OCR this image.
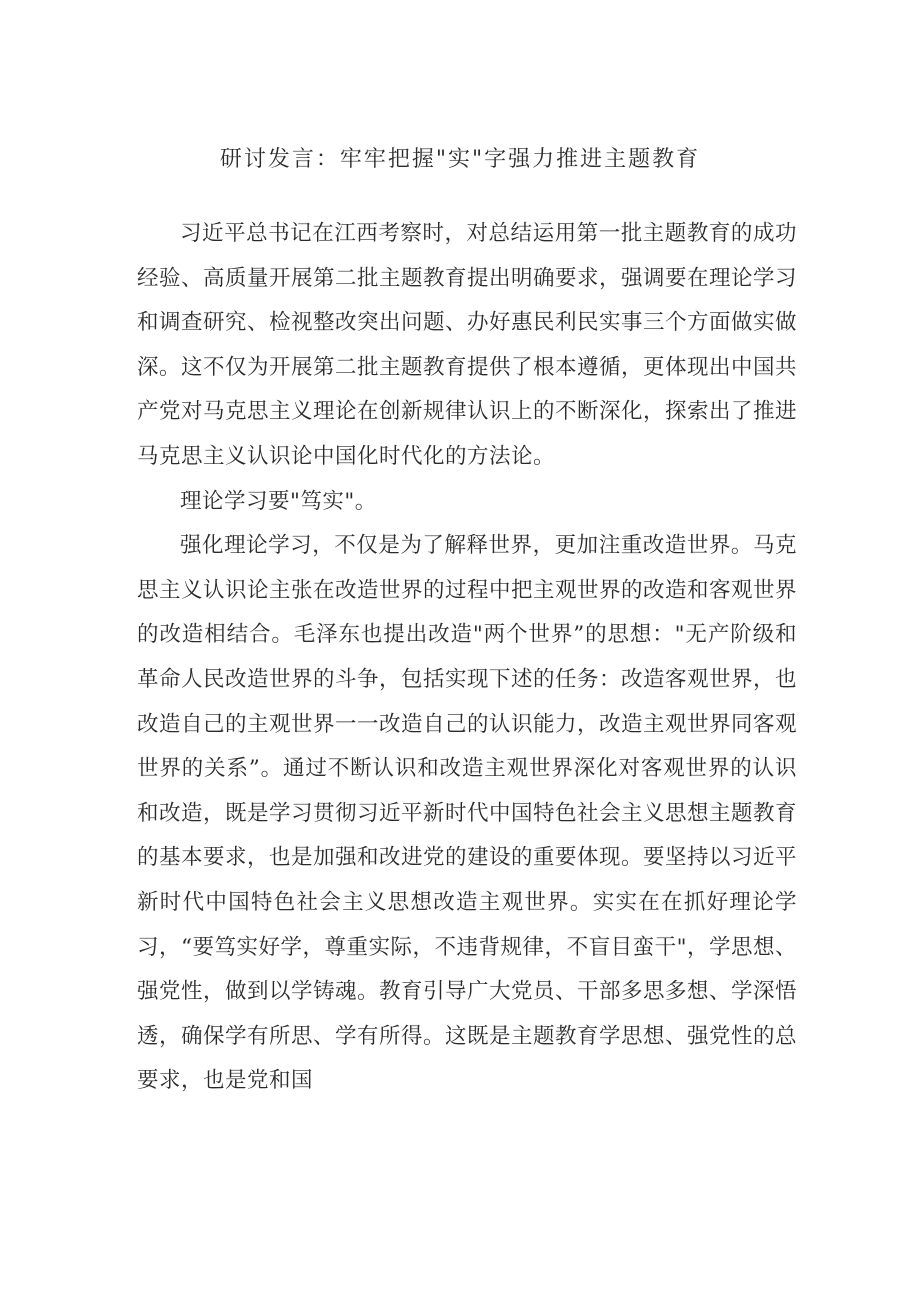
研讨发言：牢牢把握"实"字强力推进主题教育

习近平总书记在江西考察时，对总结运用第一批主题教育的成功经验、高质量开展第二批主题教育提出明确要求，强调要在理论学习和调查研究、检视整改突出问题、办好惠民利民实事三个方面做实做深。这不仅为开展第二批主题教育提供了根本遵循，更体现出中国共产党对马克思主义理论在创新规律认识上的不断深化，探索出了推进马克思主义认识论中国化时代化的方法论。

理论学习要"笃实"。

强化理论学习，不仅是为了解释世界，更加注重改造世界。马克思主义认识论主张在改造世界的过程中把主观世界的改造和客观世界的改造相结合。毛泽东也提出改造"两个世界”的思想："无产阶级和革命人民改造世界的斗争，包括实现下述的任务：改造客观世界，也改造自己的主观世界一一改造自己的认识能力，改造主观世界同客观世界的关系”。通过不断认识和改造主观世界深化对客观世界的认识和改造，既是学习贯彻习近平新时代中国特色社会主义思想主题教育的基本要求，也是加强和改进党的建设的重要体现。要坚持以习近平新时代中国特色社会主义思想改造主观世界。实实在在抓好理论学习，“要笃实好学，尊重实际，不违背规律，不盲目蛮干"，学思想、强党性，做到以学铸魂。教育引导广大党员、干部多思多想、学深悟透，确保学有所思、学有所得。这既是主题教育学思想、强党性的总要求，也是党和国
